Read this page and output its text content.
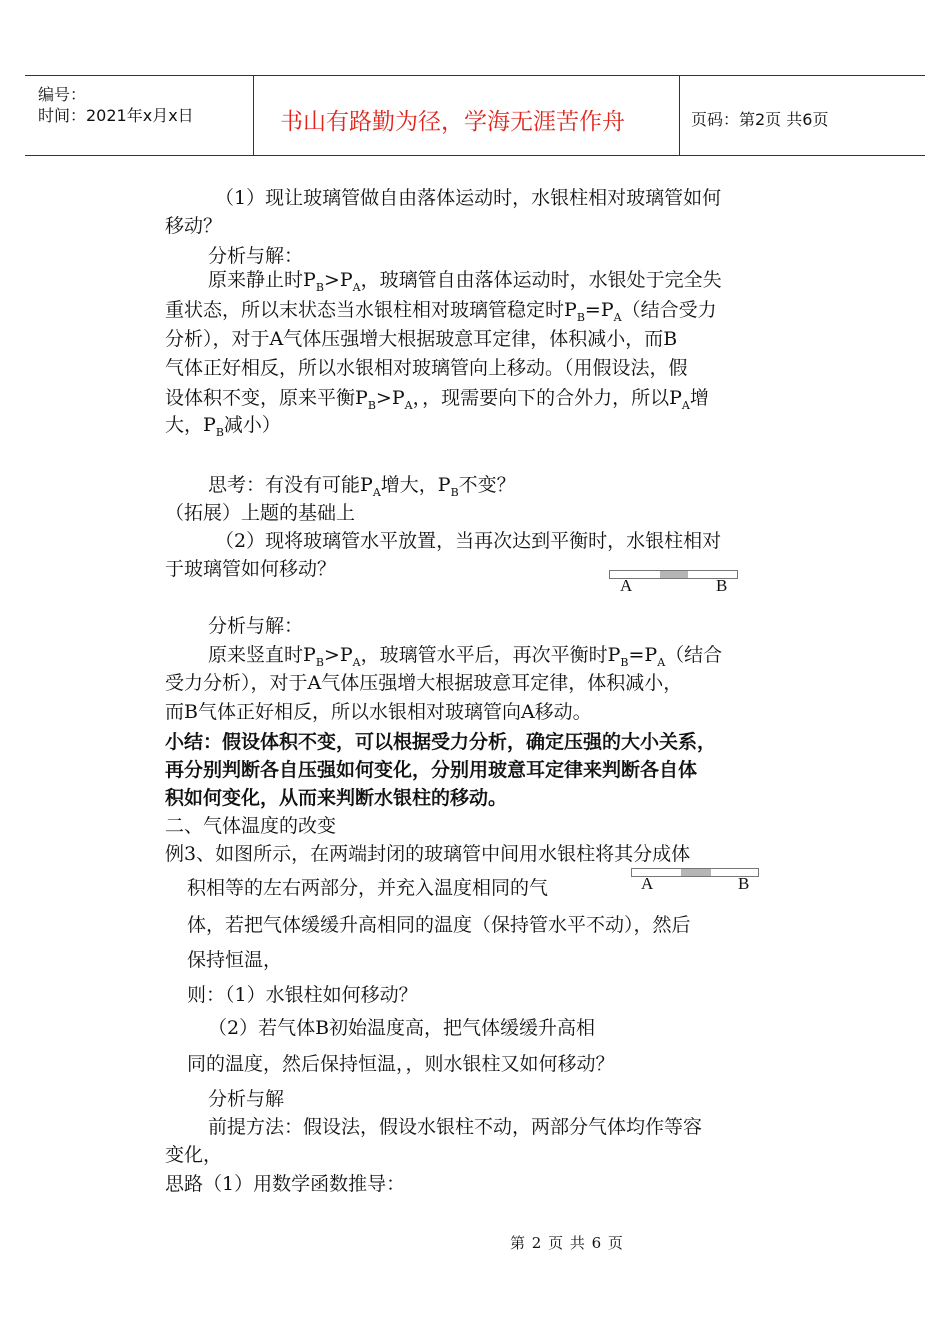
编号：
时间：2021年x月x日	书山有路勤为径，学海无涯苦作舟	页码：第2页 共6页
（1）现让玻璃管做自由落体运动时，水银柱相对玻璃管如何
移动？
分析与解：
原来静止时$P_B>P_A$，玻璃管自由落体运动时，水银处于完全失
重状态，所以末状态当水银柱相对玻璃管稳定时$P_B=P_A$（结合受力
分析），对于A气体压强增大根据玻意耳定律，体积减小，而B
气体正好相反，所以水银相对玻璃管向上移动。（用假设法，假
设体积不变，原来平衡$P_B>P_A$，，现需要向下的合外力，所以$P_A$增
大，$P_B$减小）
思考：有没有可能$P_A$增大，$P_B$不变？
（拓展）上题的基础上
（2）现将玻璃管水平放置，当再次达到平衡时，水银柱相对
于玻璃管如何移动？
分析与解：
原来竖直时$P_B>P_A$，玻璃管水平后，再次平衡时$P_B=P_A$（结合
受力分析），对于A气体压强增大根据玻意耳定律，体积减小，
而B气体正好相反，所以水银相对玻璃管向A移动。
小结：假设体积不变，可以根据受力分析，确定压强的大小关系，
再分别判断各自压强如何变化，分别用玻意耳定律来判断各自体
积如何变化，从而来判断水银柱的移动。
二、气体温度的改变
例3、如图所示，在两端封闭的玻璃管中间用水银柱将其分成体
积相等的左右两部分，并充入温度相同的气
体，若把气体缓缓升高相同的温度（保持管水平不动），然后
保持恒温，
则：（1）水银柱如何移动？
（2）若气体B初始温度高，把气体缓缓升高相
同的温度，然后保持恒温，，则水银柱又如何移动？
分析与解
前提方法：假设法，假设水银柱不动，两部分气体均作等容
变化，
思路（1）用数学函数推导：
A	B
A	B
第 2 页 共 6 页
